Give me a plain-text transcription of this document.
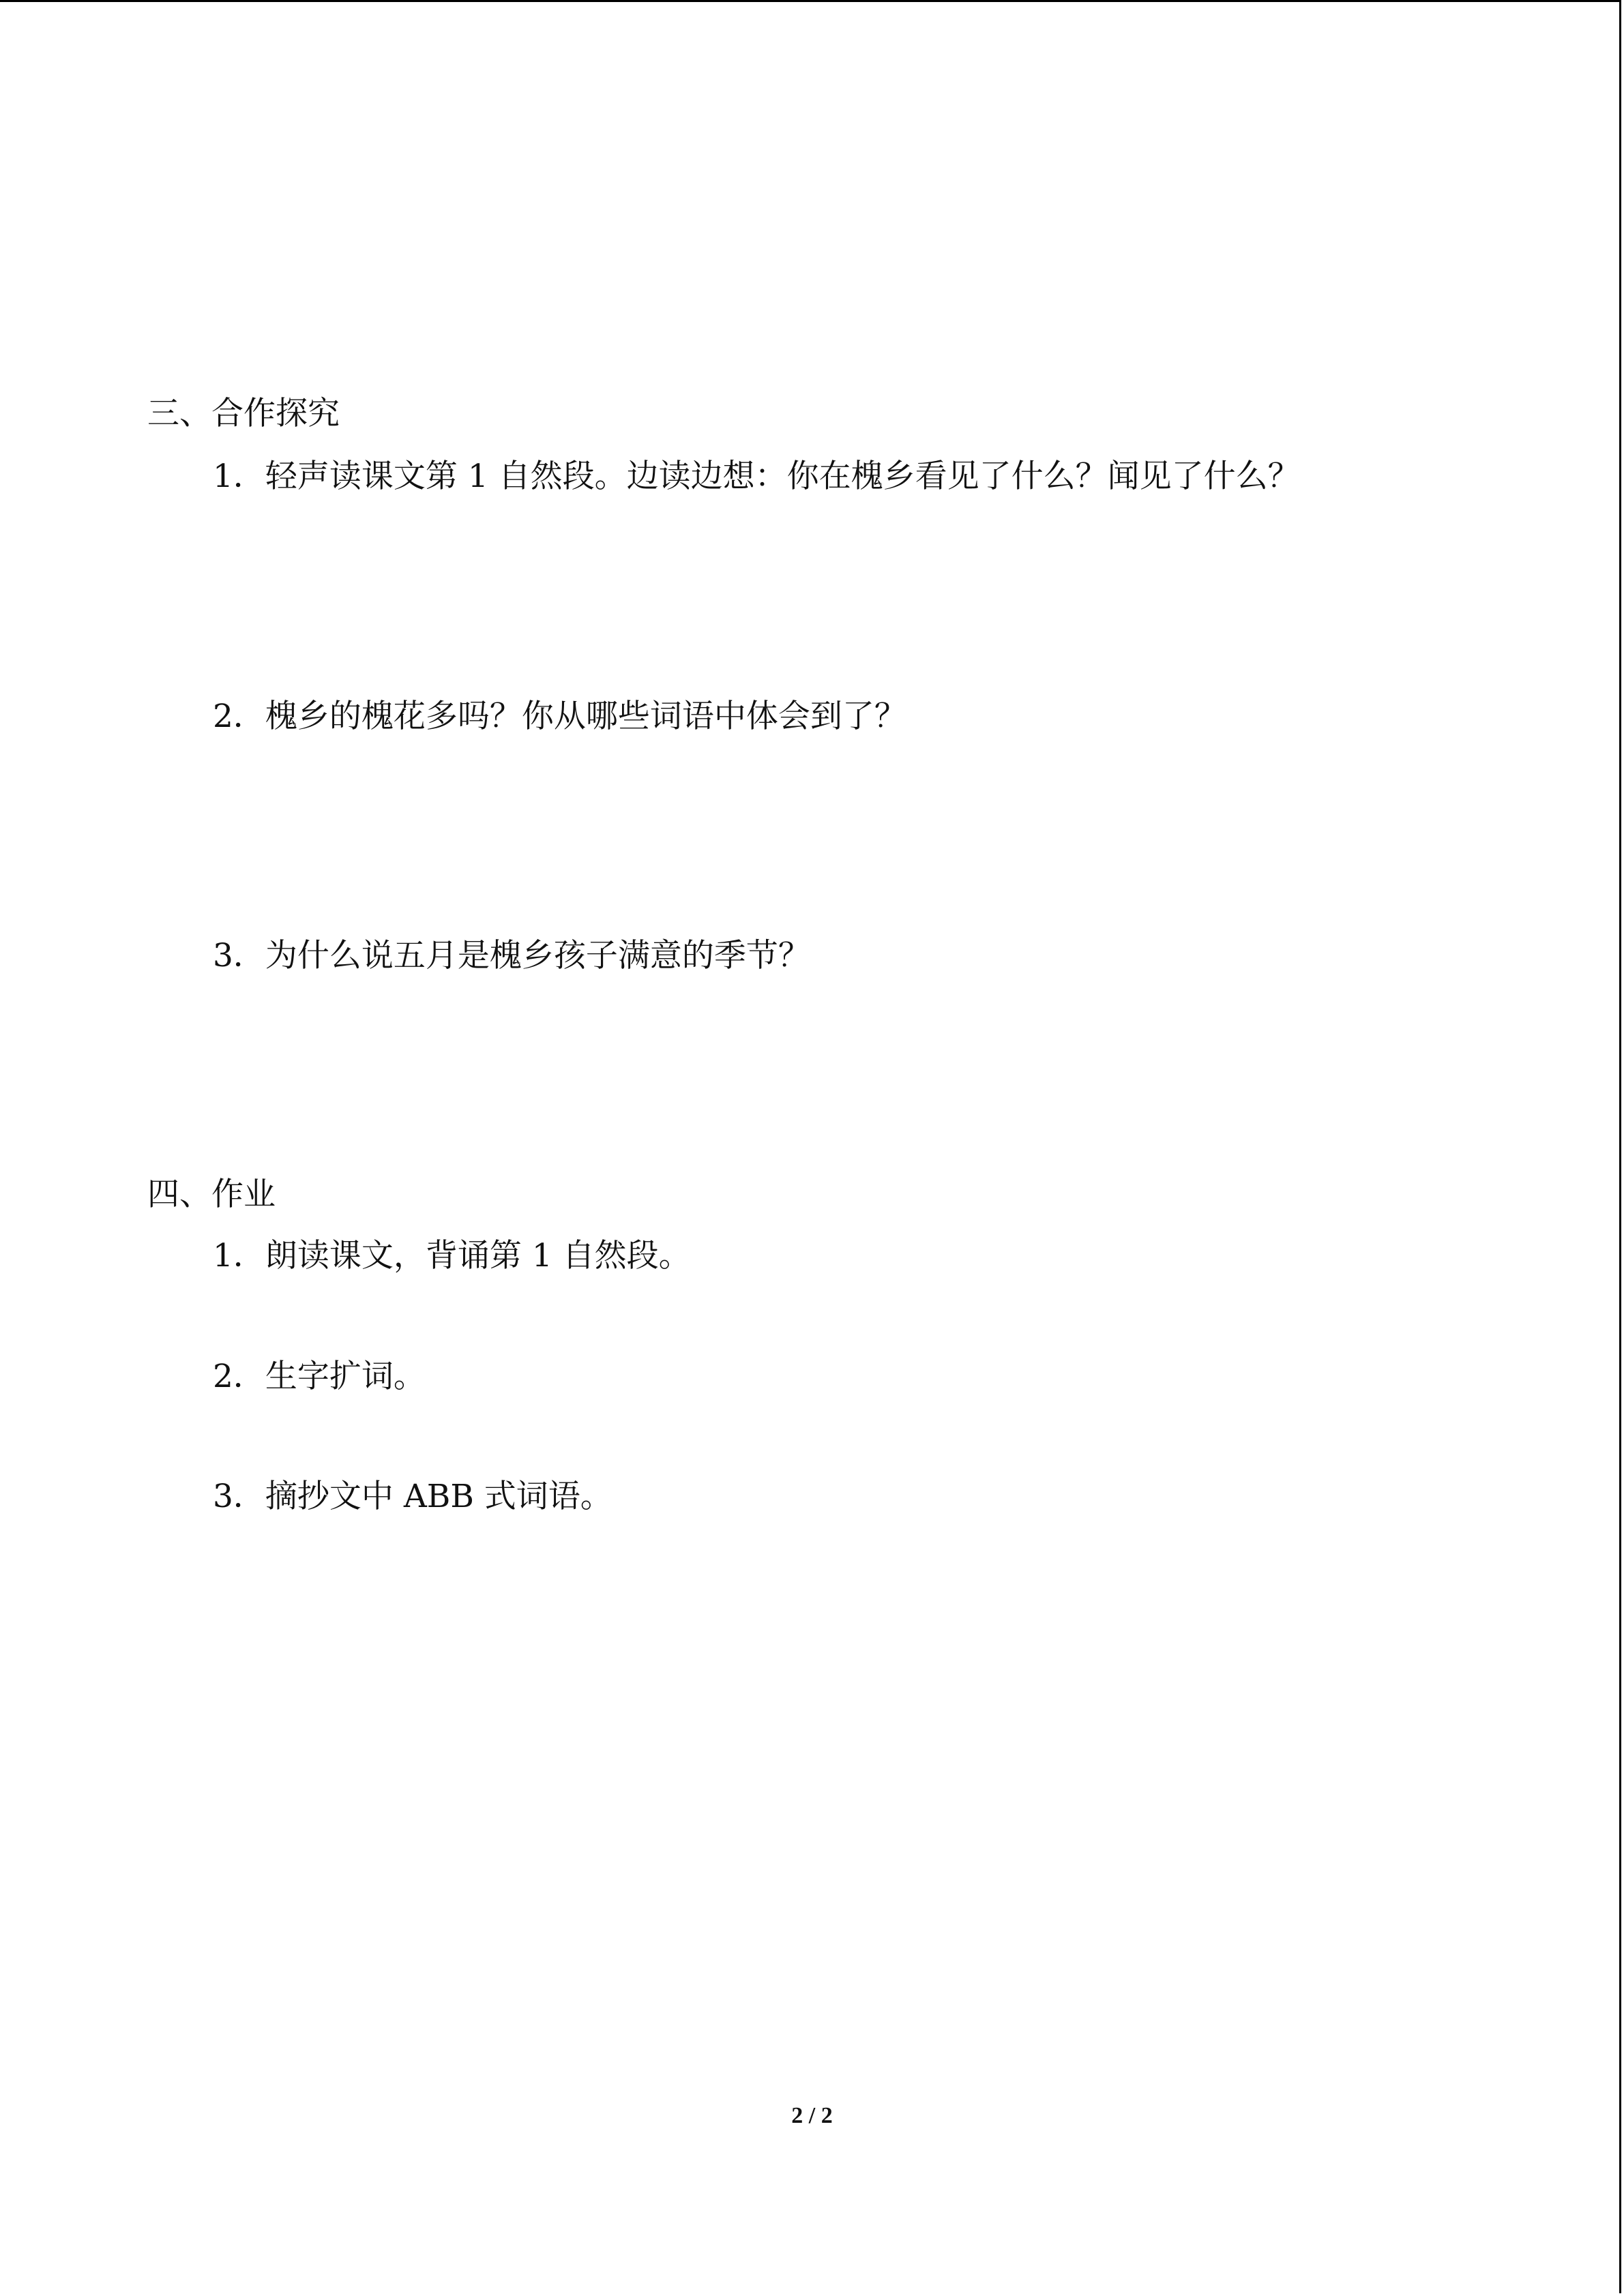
三、合作探究
1．轻声读课文第 1 自然段。边读边想：你在槐乡看见了什么？闻见了什么？
2．槐乡的槐花多吗？你从哪些词语中体会到了？
3．为什么说五月是槐乡孩子满意的季节？
四、作业
1．朗读课文，背诵第 1 自然段。
2．生字扩词。
3．摘抄文中 ABB 式词语。
2 / 2
